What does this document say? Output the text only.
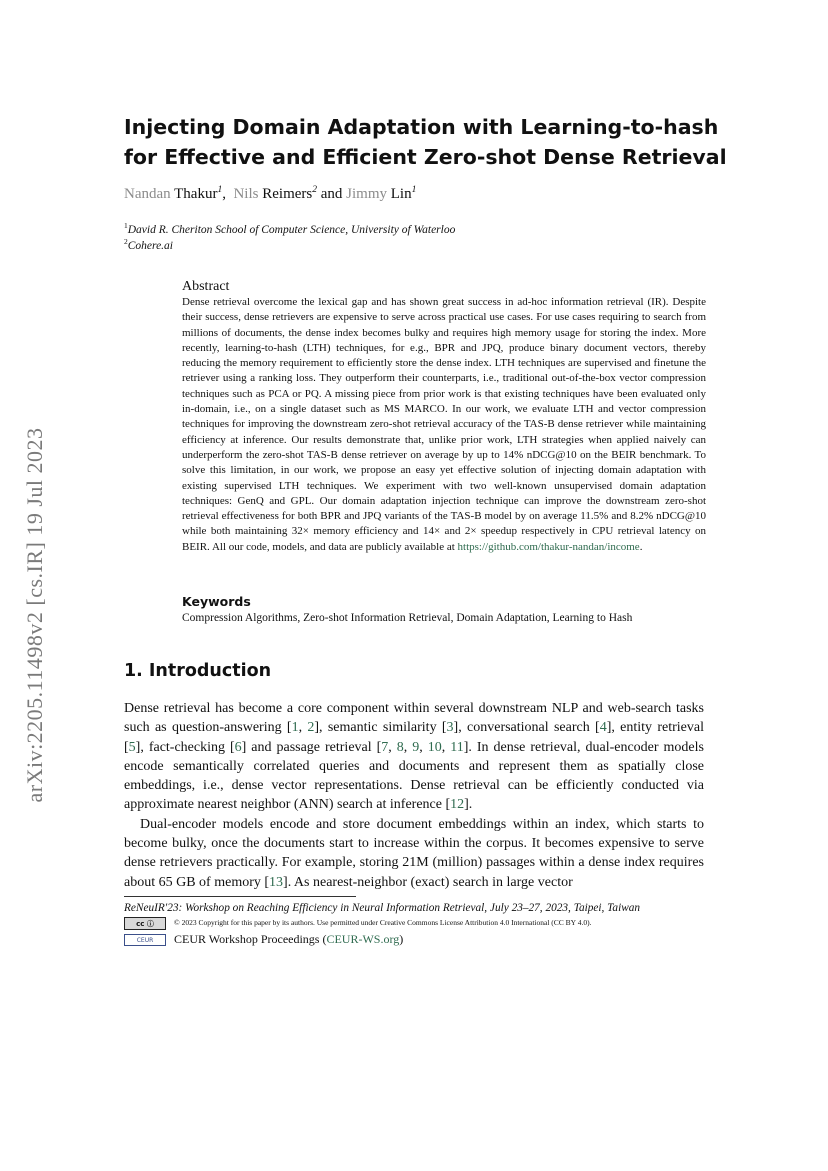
arXiv:2205.11498v2 [cs.IR] 19 Jul 2023
Injecting Domain Adaptation with Learning-to-hash
for Effective and Efficient Zero-shot Dense Retrieval
Nandan Thakur$^1$,  Nils Reimers$^2$ and Jimmy Lin$^1$
$^1$David R. Cheriton School of Computer Science, University of Waterloo
$^2$Cohere.ai
Abstract
Dense retrieval overcome the lexical gap and has shown great success in ad-hoc information retrieval (IR). Despite their success, dense retrievers are expensive to serve across practical use cases. For use cases requiring to search from millions of documents, the dense index becomes bulky and requires high memory usage for storing the index. More recently, learning-to-hash (LTH) techniques, for e.g., BPR and JPQ, produce binary document vectors, thereby reducing the memory requirement to efficiently store the dense index. LTH techniques are supervised and finetune the retriever using a ranking loss. They outperform their counterparts, i.e., traditional out-of-the-box vector compression techniques such as PCA or PQ. A missing piece from prior work is that existing techniques have been evaluated only in-domain, i.e., on a single dataset such as MS MARCO. In our work, we evaluate LTH and vector compression techniques for improving the downstream zero-shot retrieval accuracy of the TAS-B dense retriever while maintaining efficiency at inference. Our results demonstrate that, unlike prior work, LTH strategies when applied naively can underperform the zero-shot TAS-B dense retriever on average by up to 14% nDCG@10 on the BEIR benchmark. To solve this limitation, in our work, we propose an easy yet effective solution of injecting domain adaptation with existing supervised LTH techniques. We experiment with two well-known unsupervised domain adaptation techniques: GenQ and GPL. Our domain adaptation injection technique can improve the downstream zero-shot retrieval effectiveness for both BPR and JPQ variants of the TAS-B model by on average 11.5% and 8.2% nDCG@10 while both maintaining 32× memory efficiency and 14× and 2× speedup respectively in CPU retrieval latency on BEIR. All our code, models, and data are publicly available at https://github.com/thakur-nandan/income.
Keywords
Compression Algorithms, Zero-shot Information Retrieval, Domain Adaptation, Learning to Hash
1. Introduction

Dense retrieval has become a core component within several downstream NLP and web-search tasks such as question-answering [1, 2], semantic similarity [3], conversational search [4], entity retrieval [5], fact-checking [6] and passage retrieval [7, 8, 9, 10, 11]. In dense retrieval, dual-encoder models encode semantically correlated queries and documents and represent them as spatially close embeddings, i.e., dense vector representations. Dense retrieval can be efficiently conducted via approximate nearest neighbor (ANN) search at inference [12].

Dual-encoder models encode and store document embeddings within an index, which starts to become bulky, once the documents start to increase within the corpus. It becomes expensive to serve dense retrievers practically. For example, storing 21M (million) passages within a dense index requires about 65 GB of memory [13]. As nearest-neighbor (exact) search in large vector

ReNeuIR'23: Workshop on Reaching Efficiency in Neural Information Retrieval, July 23–27, 2023, Taipei, Taiwan
cc ⓘ	© 2023 Copyright for this paper by its authors. Use permitted under Creative Commons License Attribution 4.0 International (CC BY 4.0).
CEUR	CEUR Workshop Proceedings (CEUR-WS.org)
